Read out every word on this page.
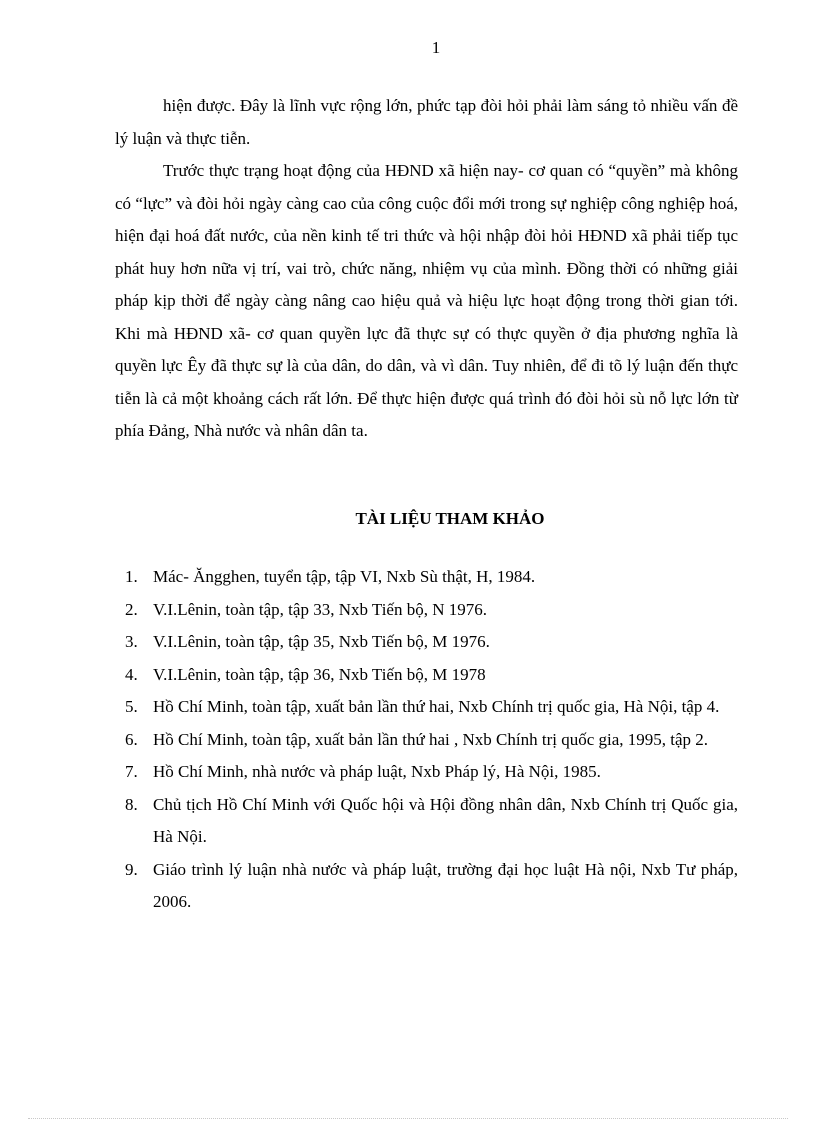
1

hiện được. Đây là lĩnh vực rộng lớn, phức tạp đòi hỏi phải làm sáng tỏ nhiều vấn đề lý luận và thực tiễn.

Trước thực trạng hoạt động của HĐND xã hiện nay- cơ quan có “quyền” mà không có “lực” và đòi hỏi ngày càng cao của công cuộc đổi mới trong sự nghiệp công nghiệp hoá, hiện đại hoá đất nước, của nền kinh tế tri thức và hội nhập đòi hỏi HĐND xã phải tiếp tục phát huy hơn nữa vị trí, vai trò, chức năng, nhiệm vụ của mình. Đồng thời có những giải pháp kịp thời để ngày càng nâng cao hiệu quả và hiệu lực hoạt động trong thời gian tới. Khi mà HĐND xã- cơ quan quyền lực đã thực sự có thực quyền ở địa phương nghĩa là quyền lực Êy đã thực sự là của dân, do dân, và vì dân. Tuy nhiên, để đi tõ lý luận đến thực tiễn là cả một khoảng cách rất lớn. Để thực hiện được quá trình đó đòi hỏi sù nỗ lực lớn từ phía Đảng, Nhà nước và nhân dân ta.

TÀI LIỆU THAM KHẢO
1. Mác- Ăngghen, tuyển tập, tập VI, Nxb Sù thật, H, 1984.
2. V.I.Lênin, toàn tập, tập 33, Nxb Tiến bộ, N 1976.
3. V.I.Lênin, toàn tập, tập 35, Nxb Tiến bộ, M 1976.
4. V.I.Lênin, toàn tập, tập 36, Nxb Tiến bộ, M 1978
5. Hồ Chí Minh, toàn tập, xuất bản lần thứ hai, Nxb Chính trị quốc gia, Hà Nội, tập 4.
6. Hồ Chí Minh, toàn tập, xuất bản lần thứ hai , Nxb Chính trị quốc gia, 1995, tập 2.
7. Hồ Chí Minh, nhà nước và pháp luật, Nxb Pháp lý, Hà Nội, 1985.
8. Chủ tịch Hồ Chí Minh với Quốc hội và Hội đồng nhân dân, Nxb Chính trị Quốc gia, Hà Nội.
9. Giáo trình lý luận nhà nước và pháp luật, trường đại học luật Hà nội, Nxb Tư pháp, 2006.
